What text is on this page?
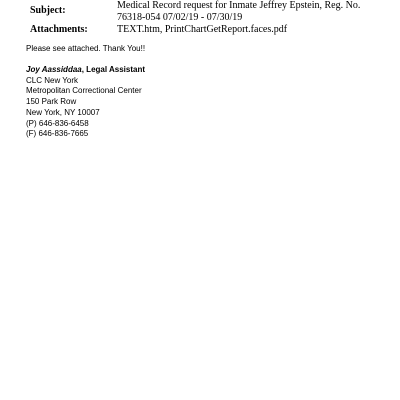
Subject:	Medical Record request for Inmate Jeffrey Epstein, Reg. No. 76318-054 07/02/19 - 07/30/19
Attachments:	TEXT.htm, PrintChartGetReport.faces.pdf
Please see attached. Thank You!!
Joy Aassiddaa, Legal Assistant
CLC New York
Metropolitan Correctional Center
150 Park Row
New York, NY 10007
(P) 646-836-6458
(F) 646-836-7665
